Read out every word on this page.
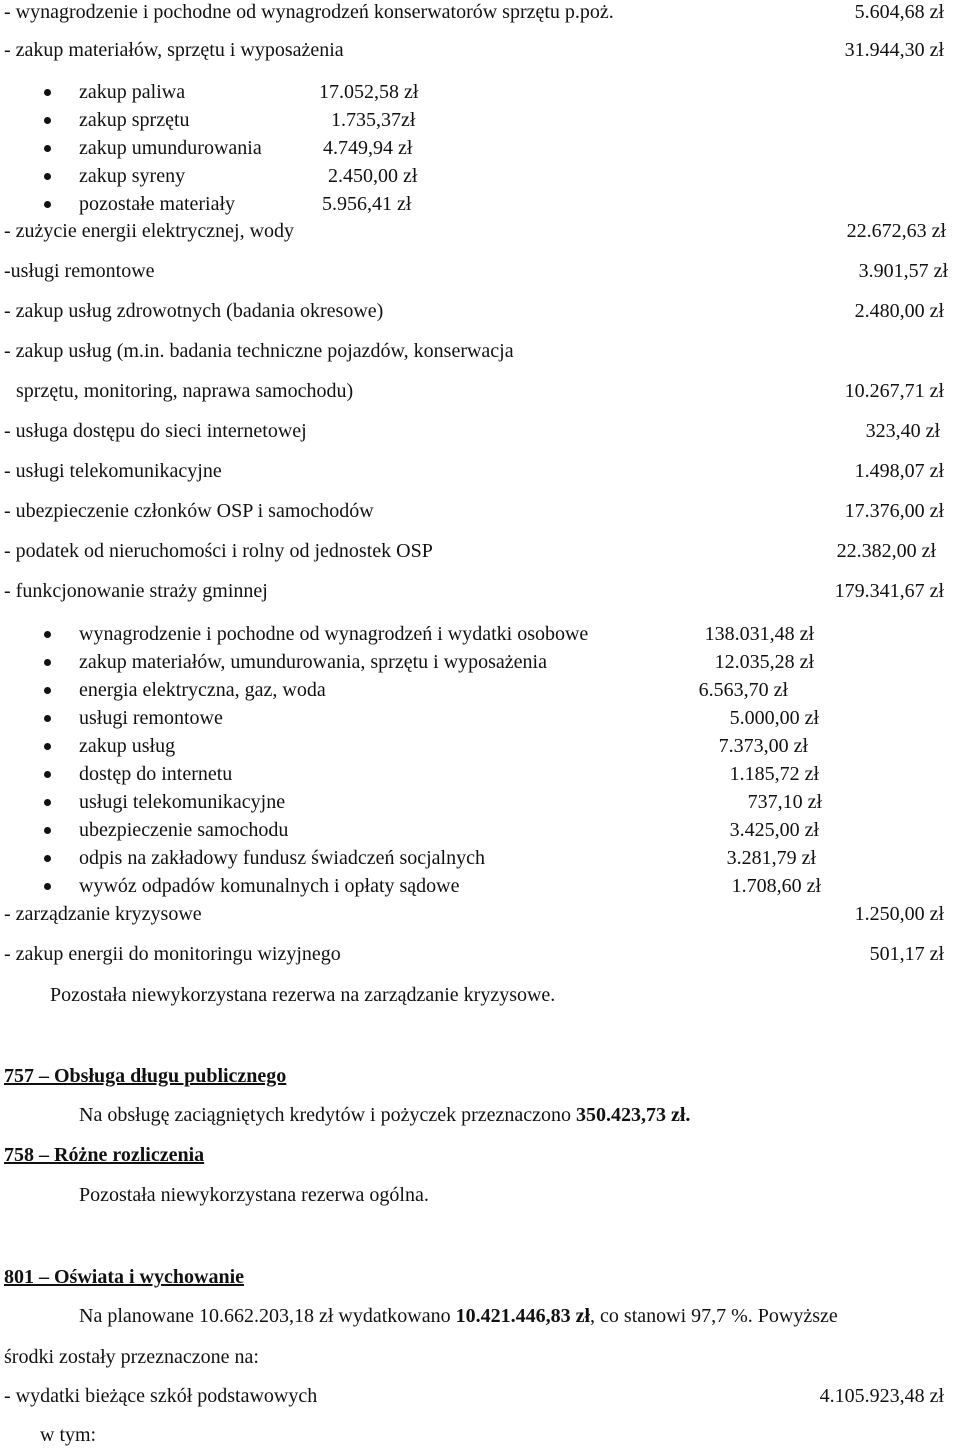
- wynagrodzenie i pochodne od wynagrodzeń konserwatorów sprzętu p.poż.	5.604,68 zł
- zakup materiałów, sprzętu i wyposażenia	31.944,30 zł
zakup paliwa	17.052,58 zł
zakup sprzętu	1.735,37zł
zakup umundurowania	4.749,94 zł
zakup syreny	2.450,00 zł
pozostałe materiały	5.956,41 zł
- zużycie energii elektrycznej, wody	22.672,63 zł
-usługi remontowe	3.901,57 zł
- zakup usług zdrowotnych (badania okresowe)	2.480,00 zł
- zakup usług (m.in. badania techniczne pojazdów, konserwacja
sprzętu, monitoring, naprawa samochodu)	10.267,71 zł
- usługa dostępu do sieci internetowej	323,40 zł
- usługi telekomunikacyjne	1.498,07 zł
- ubezpieczenie członków OSP i samochodów	17.376,00 zł
- podatek od nieruchomości i rolny od jednostek OSP	22.382,00 zł
- funkcjonowanie straży gminnej	179.341,67 zł
wynagrodzenie i pochodne od wynagrodzeń i wydatki osobowe	138.031,48 zł
zakup materiałów, umundurowania, sprzętu i wyposażenia	12.035,28 zł
energia elektryczna, gaz, woda	6.563,70 zł
usługi remontowe	5.000,00 zł
zakup usług	7.373,00 zł
dostęp do internetu	1.185,72 zł
usługi telekomunikacyjne	737,10 zł
ubezpieczenie samochodu	3.425,00 zł
odpis na zakładowy fundusz świadczeń socjalnych	3.281,79 zł
wywóz odpadów komunalnych i opłaty sądowe	1.708,60 zł
- zarządzanie kryzysowe	1.250,00 zł
- zakup energii do monitoringu wizyjnego	501,17 zł
Pozostała niewykorzystana rezerwa na zarządzanie kryzysowe.
757 – Obsługa długu publicznego
Na obsługę zaciągniętych kredytów i pożyczek przeznaczono 350.423,73 zł.
758 – Różne rozliczenia
Pozostała niewykorzystana rezerwa ogólna.
801 – Oświata i wychowanie
Na planowane 10.662.203,18 zł wydatkowano 10.421.446,83 zł, co stanowi 97,7 %. Powyższe
środki zostały przeznaczone na:
- wydatki bieżące szkół podstawowych	4.105.923,48 zł
w tym:
